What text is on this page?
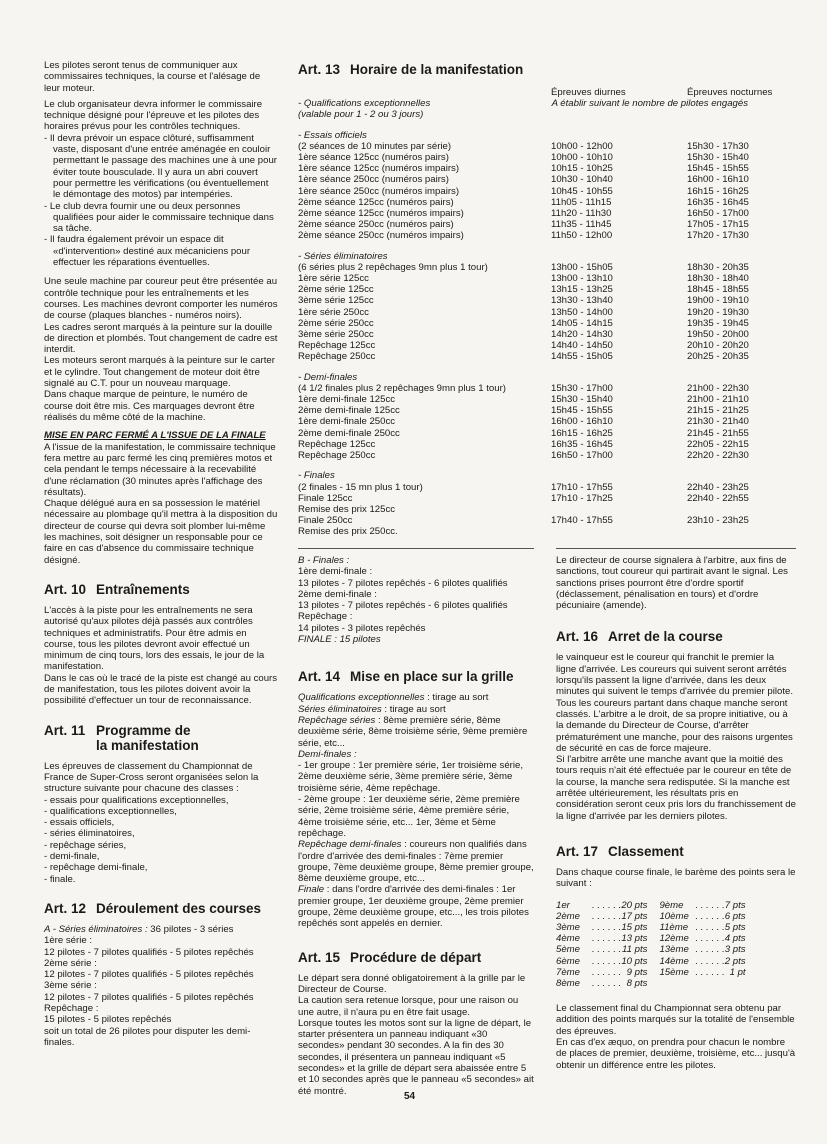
Les pilotes seront tenus de communiquer aux commissaires techniques, la course et l'alésage de leur moteur.

Le club organisateur devra informer le commissaire technique désigné pour l'épreuve et les pilotes des horaires prévus pour les contrôles techniques.

- Il devra prévoir un espace clôturé, suffisamment vaste, disposant d'une entrée aménagée en couloir permettant le passage des machines une à une pour éviter toute bousculade. Il y aura un abri couvert pour permettre les vérifications (ou éventuellement le démontage des motos) par intempéries.
- Le club devra fournir une ou deux personnes qualifiées pour aider le commissaire technique dans sa tâche.
- Il faudra également prévoir un espace dit «d'intervention» destiné aux mécaniciens pour effectuer les réparations éventuelles.

Une seule machine par coureur peut être présentée au contrôle technique pour les entraînements et les courses. Les machines devront comporter les numéros de course (plaques blanches - numéros noirs).

Les cadres seront marqués à la peinture sur la douille de direction et plombés. Tout changement de cadre est interdit.

Les moteurs seront marqués à la peinture sur le carter et le cylindre. Tout changement de moteur doit être signalé au C.T. pour un nouveau marquage.

Dans chaque marque de peinture, le numéro de course doit être mis. Ces marquages devront être réalisés du même côté de la machine.

MISE EN PARC FERMÉ A L'ISSUE DE LA FINALE

A l'issue de la manifestation, le commissaire technique fera mettre au parc fermé les cinq premières motos et cela pendant le temps nécessaire à la recevabilité d'une réclamation (30 minutes après l'affichage des résultats).

Chaque délégué aura en sa possession le matériel nécessaire au plombage qu'il mettra à la disposition du directeur de course qui devra soit plomber lui-même les machines, soit désigner un responsable pour ce faire en cas d'absence du commissaire technique désigné.

Art. 10 Entraînements

L'accès à la piste pour les entraînements ne sera autorisé qu'aux pilotes déjà passés aux contrôles techniques et administratifs. Pour être admis en course, tous les pilotes devront avoir effectué un minimum de cinq tours, lors des essais, le jour de la manifestation.

Dans le cas où le tracé de la piste est changé au cours de manifestation, tous les pilotes doivent avoir la possibilité d'effectuer un tour de reconnaissance.

Art. 11 Programme de
la manifestation

Les épreuves de classement du Championnat de France de Super-Cross seront organisées selon la structure suivante pour chacune des classes :

- essais pour qualifications exceptionnelles,
- qualifications exceptionnelles,
- essais officiels,
- séries éliminatoires,
- repêchage séries,
- demi-finale,
- repêchage demi-finale,
- finale.
Art. 12 Déroulement des courses
A - Séries éliminatoires : 36 pilotes - 3 séries
1ère série :
12 pilotes - 7 pilotes qualifiés - 5 pilotes repêchés
2ème série :
12 pilotes - 7 pilotes qualifiés - 5 pilotes repêchés
3ème série :
12 pilotes - 7 pilotes qualifiés - 5 pilotes repêchés
Repêchage :
15 pilotes - 5 pilotes repêchés
soit un total de 26 pilotes pour disputer les demi-finales.
Art. 13 Horaire de la manifestation
	Épreuves diurnes	Épreuves nocturnes
- Qualifications exceptionnelles	A établir suivant le nombre de pilotes engagés	
(valable pour 1 - 2 ou 3 jours)		
- Essais officiels		
(2 séances de 10 minutes par série)	10h00 - 12h00	15h30 - 17h30
1ère séance 125cc (numéros pairs)	10h00 - 10h10	15h30 - 15h40
1ère séance 125cc (numéros impairs)	10h15 - 10h25	15h45 - 15h55
1ère séance 250cc (numéros pairs)	10h30 - 10h40	16h00 - 16h10
1ère séance 250cc (numéros impairs)	10h45 - 10h55	16h15 - 16h25
2ème séance 125cc (numéros pairs)	11h05 - 11h15	16h35 - 16h45
2ème séance 125cc (numéros impairs)	11h20 - 11h30	16h50 - 17h00
2ème séance 250cc (numéros pairs)	11h35 - 11h45	17h05 - 17h15
2ème séance 250cc (numéros impairs)	11h50 - 12h00	17h20 - 17h30
- Séries éliminatoires		
(6 séries plus 2 repêchages 9mn plus 1 tour)	13h00 - 15h05	18h30 - 20h35
1ère série 125cc	13h00 - 13h10	18h30 - 18h40
2ème série 125cc	13h15 - 13h25	18h45 - 18h55
3ème série 125cc	13h30 - 13h40	19h00 - 19h10
1ère série 250cc	13h50 - 14h00	19h20 - 19h30
2ème série 250cc	14h05 - 14h15	19h35 - 19h45
3ème série 250cc	14h20 - 14h30	19h50 - 20h00
Repêchage 125cc	14h40 - 14h50	20h10 - 20h20
Repêchage 250cc	14h55 - 15h05	20h25 - 20h35
- Demi-finales		
(4 1/2 finales plus 2 repêchages 9mn plus 1 tour)	15h30 - 17h00	21h00 - 22h30
1ère demi-finale 125cc	15h30 - 15h40	21h00 - 21h10
2ème demi-finale 125cc	15h45 - 15h55	21h15 - 21h25
1ère demi-finale 250cc	16h00 - 16h10	21h30 - 21h40
2ème demi-finale 250cc	16h15 - 16h25	21h45 - 21h55
Repêchage 125cc	16h35 - 16h45	22h05 - 22h15
Repêchage 250cc	16h50 - 17h00	22h20 - 22h30
- Finales		
(2 finales - 15 mn plus 1 tour)	17h10 - 17h55	22h40 - 23h25
Finale 125cc	17h10 - 17h25	22h40 - 22h55
Remise des prix 125cc		
Finale 250cc	17h40 - 17h55	23h10 - 23h25
Remise des prix 250cc.		
B - Finales :
1ère demi-finale :
13 pilotes - 7 pilotes repêchés - 6 pilotes qualifiés
2ème demi-finale :
13 pilotes - 7 pilotes repêchés - 6 pilotes qualifiés
Repêchage :
14 pilotes - 3 pilotes repêchés
FINALE : 15 pilotes
Art. 14 Mise en place sur la grille
Qualifications exceptionnelles : tirage au sort
Séries éliminatoires : tirage au sort
Repêchage séries : 8ème première série, 8ème deuxième série, 8ème troisième série, 9ème première série, etc...
Demi-finales :
- 1er groupe : 1er première série, 1er troisième série, 2ème deuxième série, 3ème première série, 3ème troisième série, 4ème repêchage.
- 2ème groupe : 1er deuxième série, 2ème première série, 2ème troisième série, 4ème première série, 4ème troisième série, etc... 1er, 3ème et 5ème repêchage.
Repêchage demi-finales : coureurs non qualifiés dans l'ordre d'arrivée des demi-finales : 7ème premier groupe, 7ème deuxième groupe, 8ème premier groupe, 8ème deuxième groupe, etc...
Finale : dans l'ordre d'arrivée des demi-finales : 1er premier groupe, 1er deuxième groupe, 2ème premier groupe, 2ème deuxième groupe, etc..., les trois pilotes repêchés sont appelés en dernier.
Art. 15 Procédure de départ

Le départ sera donné obligatoirement à la grille par le Directeur de Course.

La caution sera retenue lorsque, pour une raison ou une autre, il n'aura pu en être fait usage.

Lorsque toutes les motos sont sur la ligne de départ, le starter présentera un panneau indiquant «30 secondes» pendant 30 secondes. A la fin des 30 secondes, il présentera un panneau indiquant «5 secondes» et la grille de départ sera abaissée entre 5 et 10 secondes après que le panneau «5 secondes» ait été montré.

Le directeur de course signalera à l'arbitre, aux fins de sanctions, tout coureur qui partirait avant le signal. Les sanctions prises pourront être d'ordre sportif (déclassement, pénalisation en tours) et d'ordre pécuniaire (amende).

Art. 16 Arret de la course

le vainqueur est le coureur qui franchit le premier la ligne d'arrivée. Les coureurs qui suivent seront arrêtés lorsqu'ils passent la ligne d'arrivée, dans les deux minutes qui suivent le temps d'arrivée du premier pilote. Tous les coureurs partant dans chaque manche seront classés. L'arbitre a le droit, de sa propre initiative, ou à la demande du Directeur de Course, d'arrêter prématurément une manche, pour des raisons urgentes de sécurité en cas de force majeure.

Si l'arbitre arrête une manche avant que la moitié des tours requis n'ait été effectuée par le coureur en tête de la course, la manche sera redisputée. Si la manche est arrêtée ultérieurement, les résultats pris en considération seront ceux pris lors du franchissement de la ligne d'arrivée par les derniers pilotes.

Art. 17 Classement

Dans chaque course finale, le barème des points sera le suivant :

1er	. . . . . .	20 pts
2ème	. . . . . .	17 pts
3ème	. . . . . .	15 pts
4ème	. . . . . .	13 pts
5ème	. . . . . .	11 pts
6ème	. . . . . .	10 pts
7ème	. . . . . .	9 pts
8ème	. . . . . .	8 pts

9ème	. . . . . .	7 pts
10ème	. . . . . .	6 pts
11ème	. . . . . .	5 pts
12ème	. . . . . .	4 pts
13ème	. . . . . .	3 pts
14ème	. . . . . .	2 pts
15ème	. . . . . .	1 pt

Le classement final du Championnat sera obtenu par addition des points marqués sur la totalité de l'ensemble des épreuves.

En cas d'ex æquo, on prendra pour chacun le nombre de places de premier, deuxième, troisième, etc... jusqu'à obtenir un différence entre les pilotes.

54
